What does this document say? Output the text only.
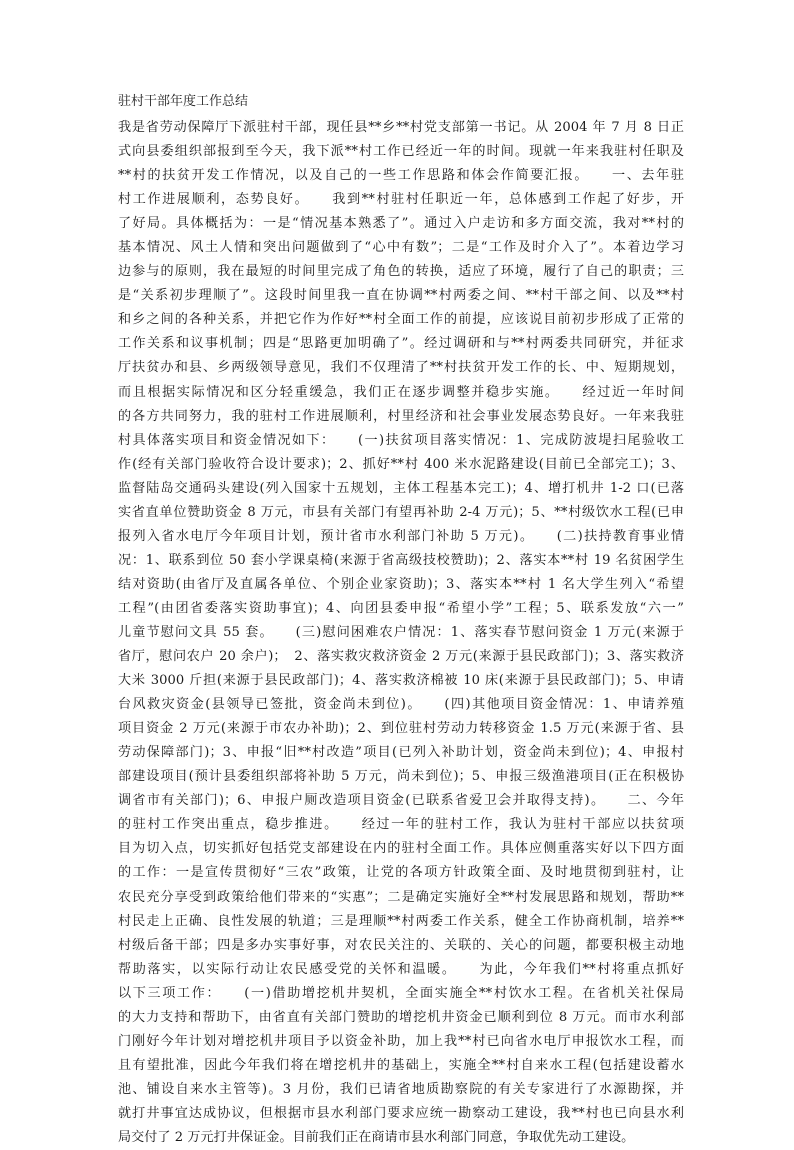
驻村干部年度工作总结
我是省劳动保障厅下派驻村干部，现任县**乡**村党支部第一书记。从 2004 年 7 月 8 日正
式向县委组织部报到至今天，我下派**村工作已经近一年的时间。现就一年来我驻村任职及
**村的扶贫开发工作情况，以及自己的一些工作思路和体会作简要汇报。　　一、去年驻
村工作进展顺利，态势良好。　　我到**村驻村任职近一年，总体感到工作起了好步，开
了好局。具体概括为：一是“情况基本熟悉了”。通过入户走访和多方面交流，我对**村的
基本情况、风土人情和突出问题做到了“心中有数”；二是“工作及时介入了”。本着边学习
边参与的原则，我在最短的时间里完成了角色的转换，适应了环境，履行了自己的职责；三
是“关系初步理顺了”。这段时间里我一直在协调**村两委之间、**村干部之间、以及**村
和乡之间的各种关系，并把它作为作好**村全面工作的前提，应该说目前初步形成了正常的
工作关系和议事机制；四是“思路更加明确了”。经过调研和与**村两委共同研究，并征求
厅扶贫办和县、乡两级领导意见，我们不仅理清了**村扶贫开发工作的长、中、短期规划，
而且根据实际情况和区分轻重缓急，我们正在逐步调整并稳步实施。　　经过近一年时间
的各方共同努力，我的驻村工作进展顺利，村里经济和社会事业发展态势良好。一年来我驻
村具体落实项目和资金情况如下：　　(一)扶贫项目落实情况：1、完成防波堤扫尾验收工
作(经有关部门验收符合设计要求)；2、抓好**村 400 米水泥路建设(目前已全部完工)；3、
监督陆岛交通码头建设(列入国家十五规划，主体工程基本完工)；4、增打机井 1-2 口(已落
实省直单位赞助资金 8 万元，市县有关部门有望再补助 2-4 万元)；5、**村级饮水工程(已申
报列入省水电厅今年项目计划，预计省市水利部门补助 5 万元)。　　(二)扶持教育事业情
况：1、联系到位 50 套小学课桌椅(来源于省高级技校赞助)；2、落实本**村 19 名贫困学生
结对资助(由省厅及直属各单位、个别企业家资助)；3、落实本**村 1 名大学生列入“希望
工程”(由团省委落实资助事宜)；4、向团县委申报“希望小学”工程；5、联系发放“六一”
儿童节慰问文具 55 套。　　(三)慰问困难农户情况：1、落实春节慰问资金 1 万元(来源于
省厅，慰问农户 20 余户)；　2、落实救灾救济资金 2 万元(来源于县民政部门)；3、落实救济
大米 3000 斤担(来源于县民政部门)；4、落实救济棉被 10 床(来源于县民政部门)；5、申请
台风救灾资金(县领导已签批，资金尚未到位)。　　(四)其他项目资金情况：1、申请养殖
项目资金 2 万元(来源于市农办补助)；2、到位驻村劳动力转移资金 1.5 万元(来源于省、县
劳动保障部门)；3、申报“旧**村改造”项目(已列入补助计划，资金尚未到位)；4、申报村
部建设项目(预计县委组织部将补助 5 万元，尚未到位)；5、申报三级渔港项目(正在积极协
调省市有关部门)；6、申报户厕改造项目资金(已联系省爱卫会并取得支持)。　　二、今年
的驻村工作突出重点，稳步推进。　　经过一年的驻村工作，我认为驻村干部应以扶贫项
目为切入点，切实抓好包括党支部建设在内的驻村全面工作。具体应侧重落实好以下四方面
的工作：一是宣传贯彻好“三农”政策，让党的各项方针政策全面、及时地贯彻到驻村，让
农民充分享受到政策给他们带来的“实惠”；二是确定实施好全**村发展思路和规划，帮助**
村民走上正确、良性发展的轨道；三是理顺**村两委工作关系，健全工作协商机制，培养**
村级后备干部；四是多办实事好事，对农民关注的、关联的、关心的问题，都要积极主动地
帮助落实，以实际行动让农民感受党的关怀和温暖。　　为此，今年我们**村将重点抓好
以下三项工作：　　(一)借助增挖机井契机，全面实施全**村饮水工程。在省机关社保局
的大力支持和帮助下，由省直有关部门赞助的增挖机井资金已顺利到位 8 万元。而市水利部
门刚好今年计划对增挖机井项目予以资金补助，加上我**村已向省水电厅申报饮水工程，而
且有望批准，因此今年我们将在增挖机井的基础上，实施全**村自来水工程(包括建设蓄水
池、铺设自来水主管等)。3 月份，我们已请省地质勘察院的有关专家进行了水源勘探，并
就打井事宜达成协议，但根据市县水利部门要求应统一勘察动工建设，我**村也已向县水利
局交付了 2 万元打井保证金。目前我们正在商请市县水利部门同意，争取优先动工建设。
